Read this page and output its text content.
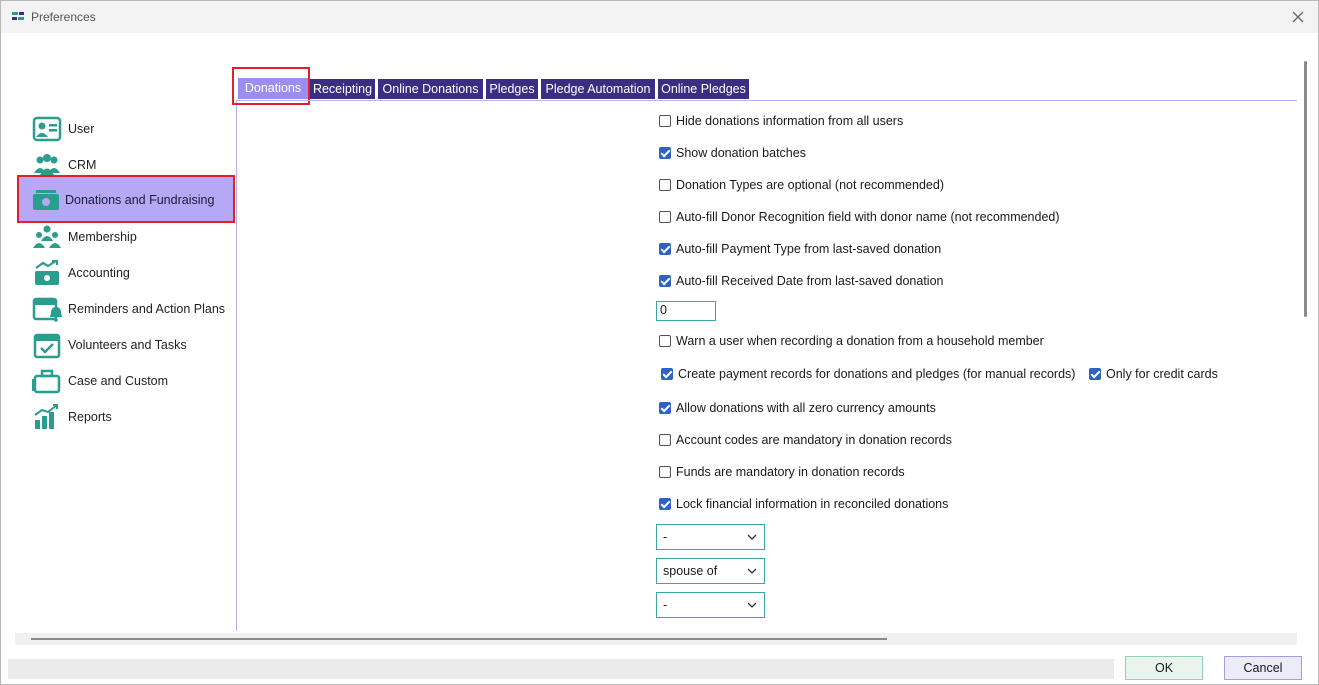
Preferences
User
CRM
Donations and Fundraising
Membership
Accounting
Reminders and Action Plans
Volunteers and Tasks
Case and Custom
Reports
Donations Receipting Online Donations Pledges Pledge Automation Online Pledges
Hide donations information from all users
Show donation batches
Donation Types are optional (not recommended)
Auto-fill Donor Recognition field with donor name (not recommended)
Auto-fill Payment Type from last-saved donation
Auto-fill Received Date from last-saved donation
0
Warn a user when recording a donation from a household member
Create payment records for donations and pledges (for manual records) Only for credit cards
Allow donations with all zero currency amounts
Account codes are mandatory in donation records
Funds are mandatory in donation records
Lock financial information in reconciled donations
-
spouse of
-
OK	Cancel
